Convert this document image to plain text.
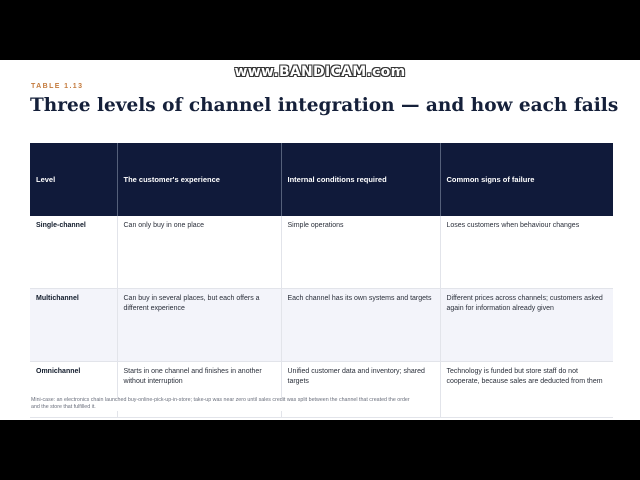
TABLE 1.13
Three levels of channel integration — and how each fails
Level	The customer's experience	Internal conditions required	Common signs of failure
Single-channel	Can only buy in one place	Simple operations	Loses customers when behaviour changes
Multichannel	Can buy in several places, but each offers a different experience	Each channel has its own systems and targets	Different prices across channels; customers asked again for information already given
Omnichannel	Starts in one channel and finishes in another without interruption	Unified customer data and inventory; shared targets	Technology is funded but store staff do not cooperate, because sales are deducted from them
Mini-case: an electronics chain launched buy-online-pick-up-in-store; take-up was near zero until sales credit was split between the channel that created the order and the store that fulfilled it.
www.BANDICAM.com
